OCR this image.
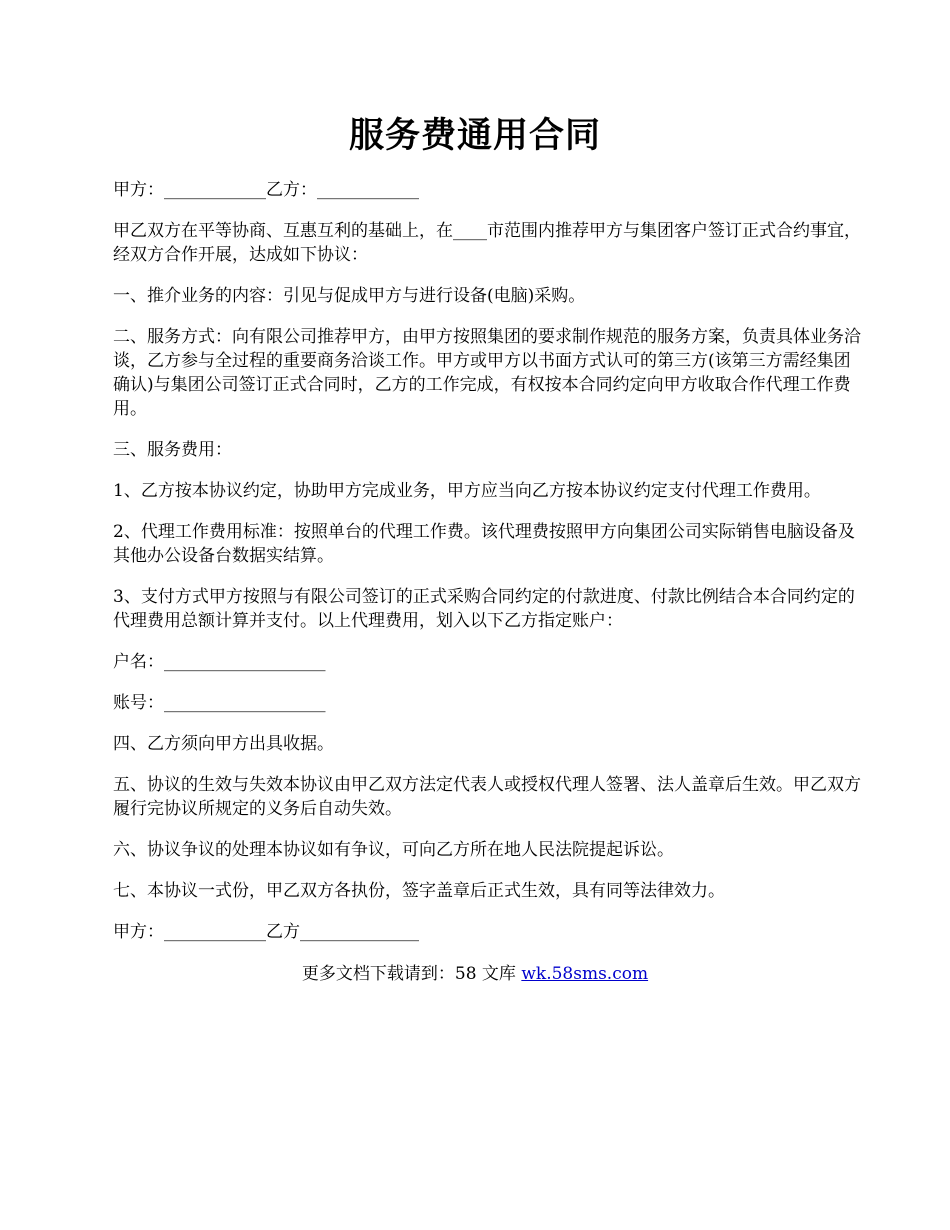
服务费通用合同

甲方：____________乙方：____________

甲乙双方在平等协商、互惠互利的基础上，在____市范围内推荐甲方与集团客户签订正式合约事宜，经双方合作开展，达成如下协议：

一、推介业务的内容：引见与促成甲方与进行设备(电脑)采购。

二、服务方式：向有限公司推荐甲方，由甲方按照集团的要求制作规范的服务方案，负责具体业务洽谈，乙方参与全过程的重要商务洽谈工作。甲方或甲方以书面方式认可的第三方(该第三方需经集团确认)与集团公司签订正式合同时，乙方的工作完成，有权按本合同约定向甲方收取合作代理工作费用。

三、服务费用：

1、乙方按本协议约定，协助甲方完成业务，甲方应当向乙方按本协议约定支付代理工作费用。

2、代理工作费用标准：按照单台的代理工作费。该代理费按照甲方向集团公司实际销售电脑设备及其他办公设备台数据实结算。

3、支付方式甲方按照与有限公司签订的正式采购合同约定的付款进度、付款比例结合本合同约定的代理费用总额计算并支付。以上代理费用，划入以下乙方指定账户：

户名：___________________

账号：___________________

四、乙方须向甲方出具收据。

五、协议的生效与失效本协议由甲乙双方法定代表人或授权代理人签署、法人盖章后生效。甲乙双方履行完协议所规定的义务后自动失效。

六、协议争议的处理本协议如有争议，可向乙方所在地人民法院提起诉讼。

七、本协议一式份，甲乙双方各执份，签字盖章后正式生效，具有同等法律效力。

甲方：____________乙方______________

更多文档下载请到：58 文库 wk.58sms.com
